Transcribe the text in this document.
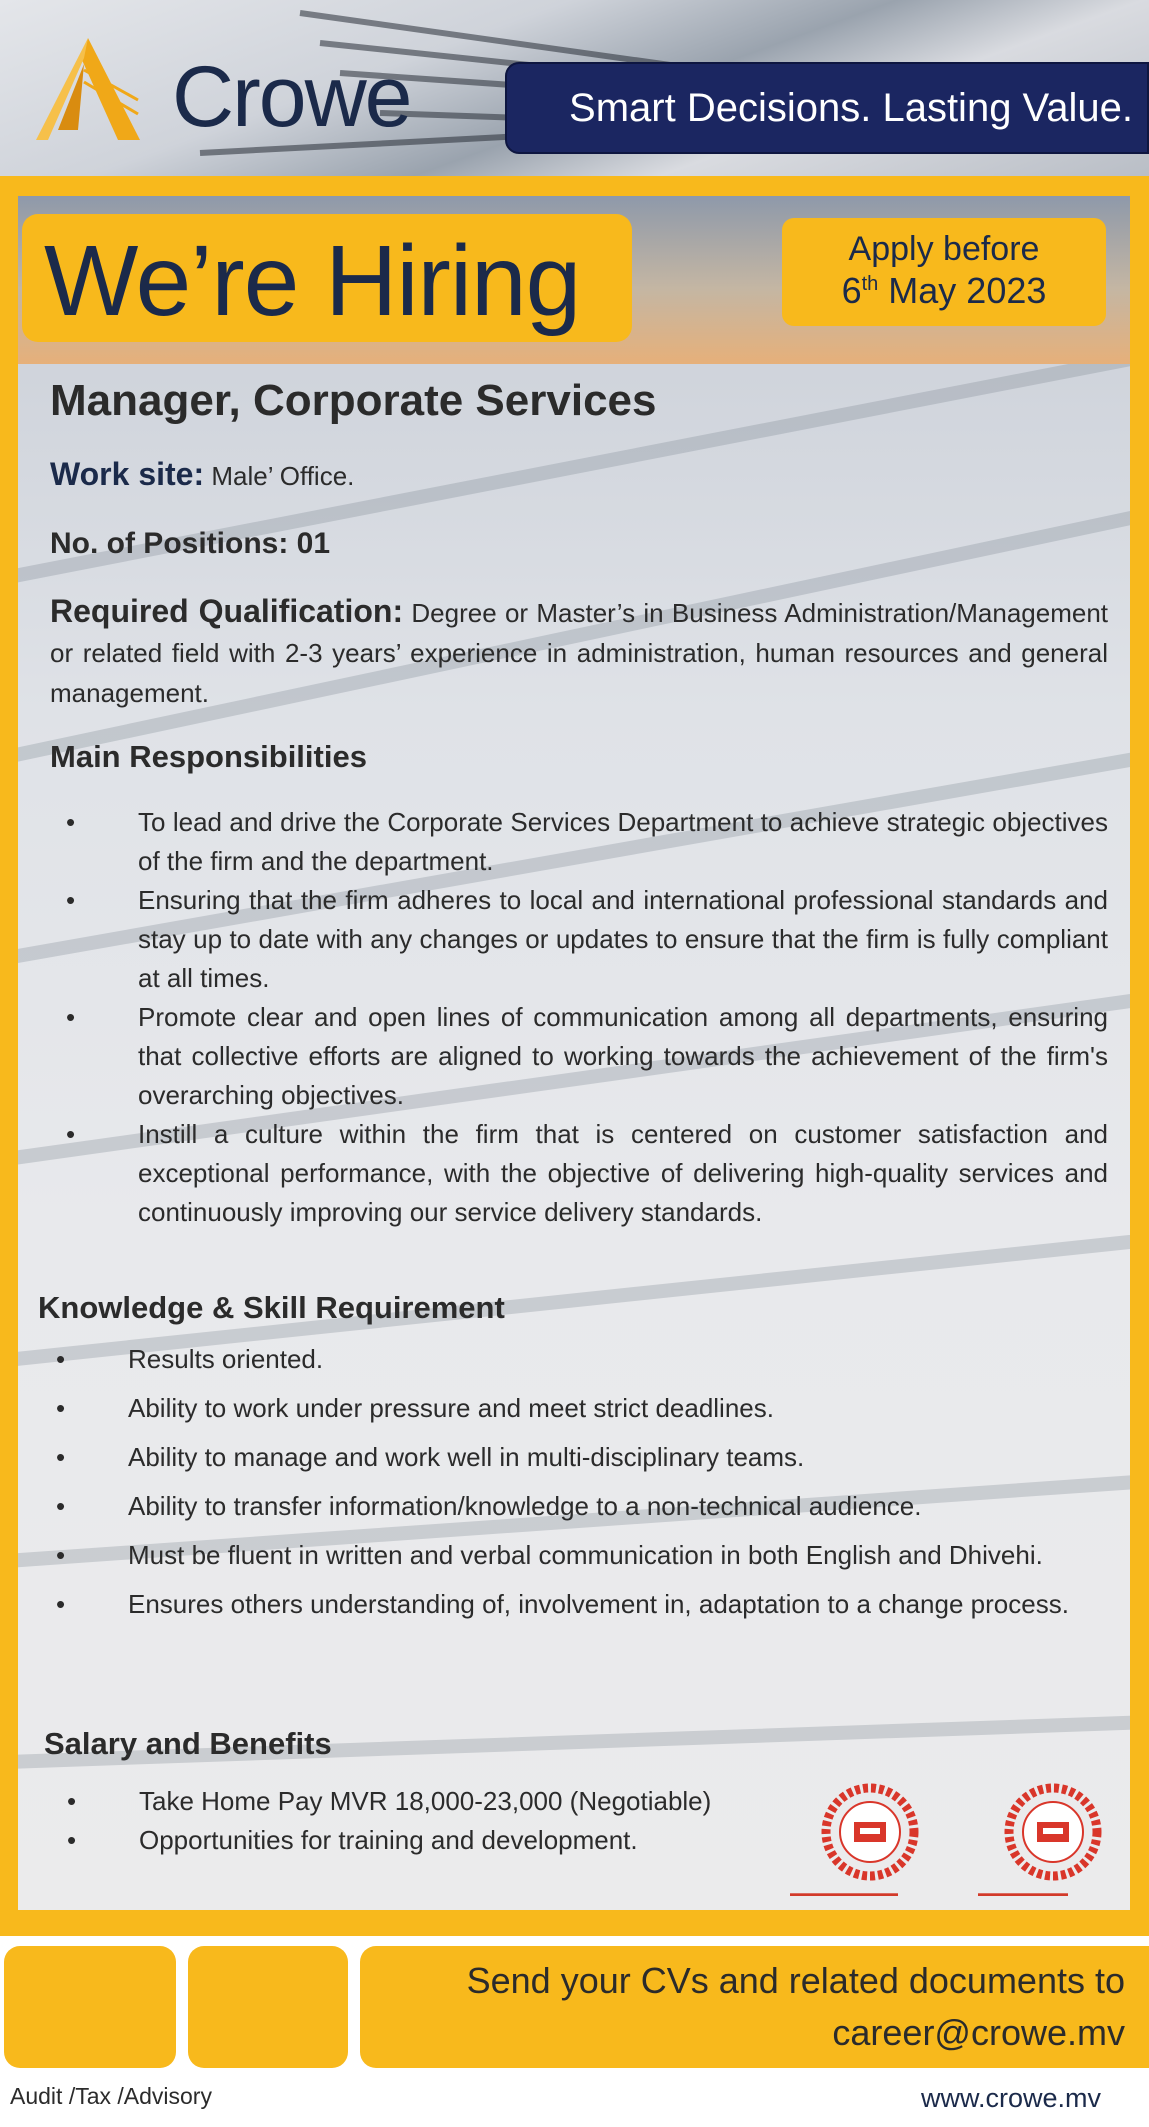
Crowe	Smart Decisions. Lasting Value.
We’re Hiring	Apply before
6th May 2023
Manager, Corporate Services
Work site: Male’ Office.
No. of Positions: 01
Required Qualification: Degree or Master’s in Business Administration/Management or related field with 2-3 years’ experience in administration, human resources and general management.
Main Responsibilities
• To lead and drive the Corporate Services Department to achieve strategic objectives of the firm and the department.
• Ensuring that the firm adheres to local and international professional standards and stay up to date with any changes or updates to ensure that the firm is fully compliant at all times.
• Promote clear and open lines of communication among all departments, ensuring that collective efforts are aligned to working towards the achievement of the firm's overarching objectives.
• Instill a culture within the firm that is centered on customer satisfaction and exceptional performance, with the objective of delivering high-quality services and continuously improving our service delivery standards.
Knowledge & Skill Requirement
• Results oriented.
• Ability to work under pressure and meet strict deadlines.
• Ability to manage and work well in multi-disciplinary teams.
• Ability to transfer information/knowledge to a non-technical audience.
• Must be fluent in written and verbal communication in both English and Dhivehi.
• Ensures others understanding of, involvement in, adaptation to a change process.
Salary and Benefits
• Take Home Pay MVR 18,000-23,000 (Negotiable)
• Opportunities for training and development.
▬▬▬▬▬▬▬▬▬▬▬▬	▬▬▬▬▬▬▬▬▬▬
Send your CVs and related documents to
career@crowe.mv
Audit /Tax /Advisory	www.crowe.mv
